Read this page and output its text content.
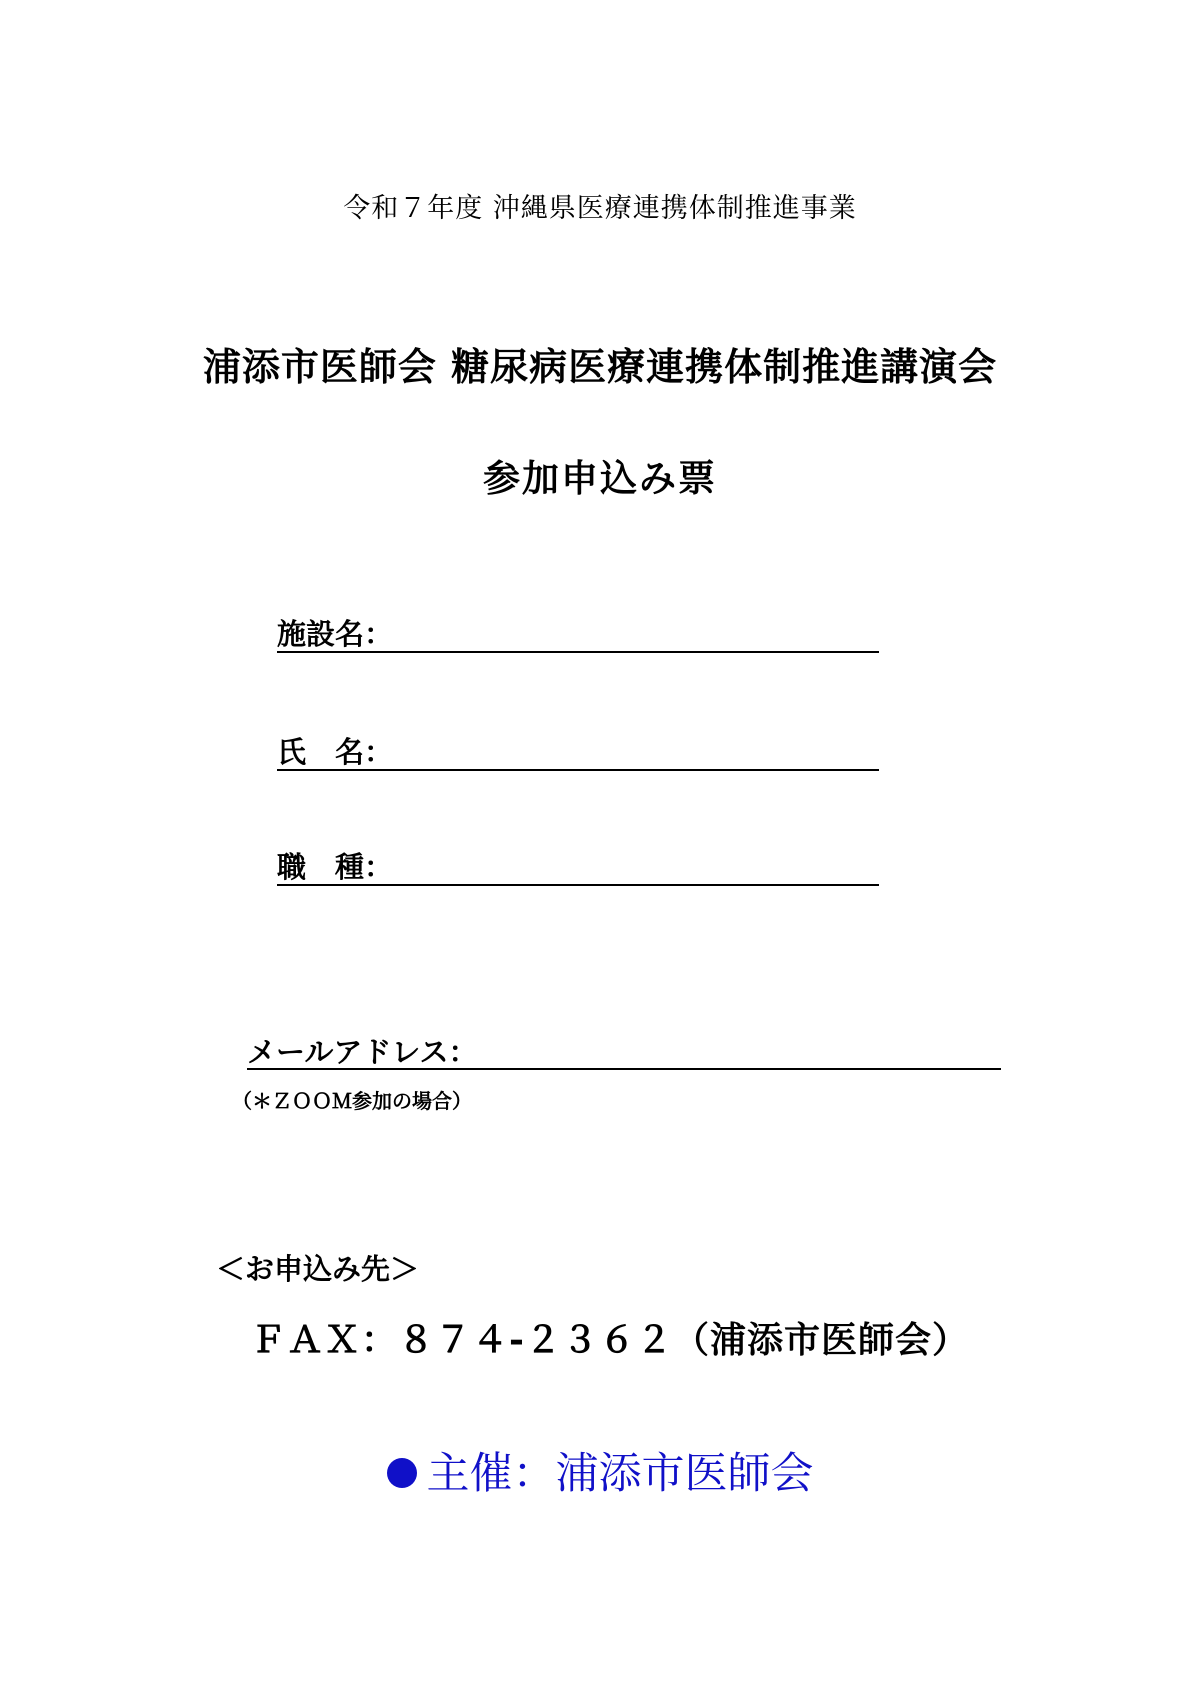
令和７年度 沖縄県医療連携体制推進事業
浦添市医師会 糖尿病医療連携体制推進講演会
参加申込み票
施設名：
氏　名：
職　種：
メールアドレス：
（＊ＺＯＯＭ参加の場合）
＜お申込み先＞
ＦＡＸ：８７４-２３６２（浦添市医師会）
主催：浦添市医師会
